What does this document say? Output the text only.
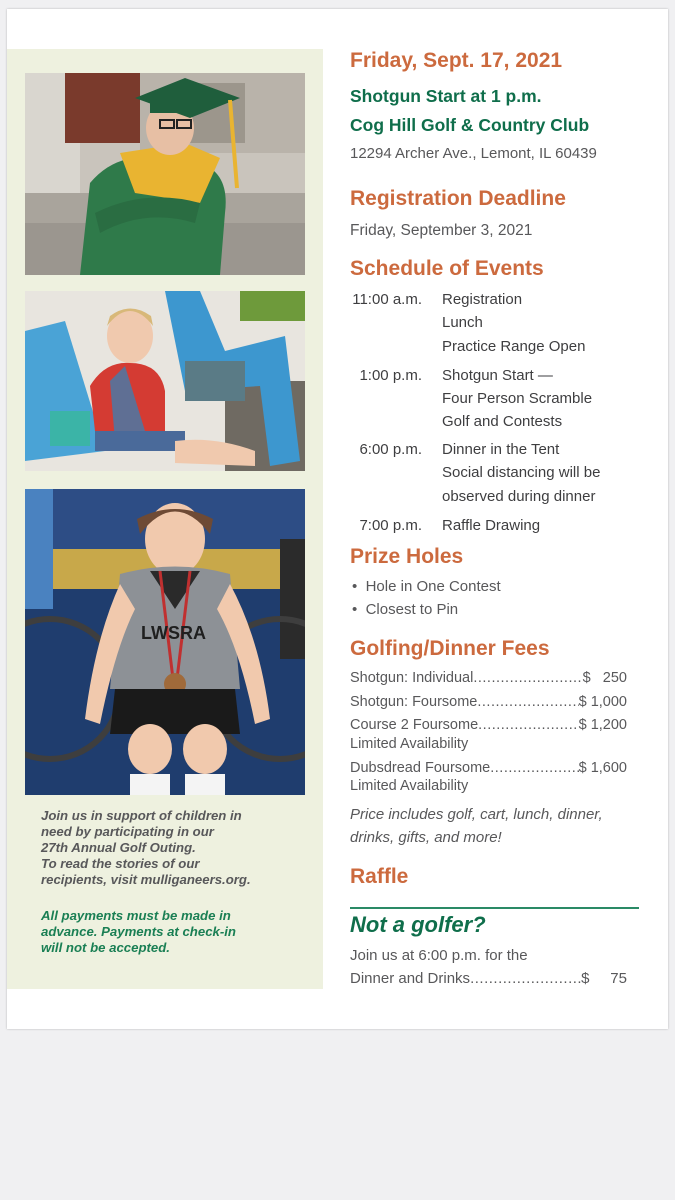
LWSRA

Join us in support of children in

need by participating in our

27th Annual Golf Outing.

To read the stories of our

recipients, visit mulliganeers.org.

All payments must be made in

advance. Payments at check-in

will not be accepted.

Friday, Sept. 17, 2021
Shotgun Start at 1 p.m.
Cog Hill Golf & Country Club
12294 Archer Ave., Lemont, IL 60439
Registration Deadline
Friday, September 3, 2021
Schedule of Events
11:00 a.m. Registration
Lunch
Practice Range Open
1:00 p.m. Shotgun Start —
Four Person Scramble
Golf and Contests
6:00 p.m. Dinner in the Tent
Social distancing will be
observed during dinner
7:00 p.m. Raffle Drawing
Prize Holes
•  Hole in One Contest
•  Closest to Pin
Golfing/Dinner Fees
Shotgun: Individual .....	$   250
Shotgun: Foursome .....	$ 1,000
Course 2 Foursome .....	$ 1,200
Limited Availability
Dubsdread Foursome .....	$ 1,600
Limited Availability
Price includes golf, cart, lunch, dinner,
drinks, gifts, and more!
Raffle
Not a golfer?
Join us at 6:00 p.m. for the
Dinner and Drinks .....	$     75
